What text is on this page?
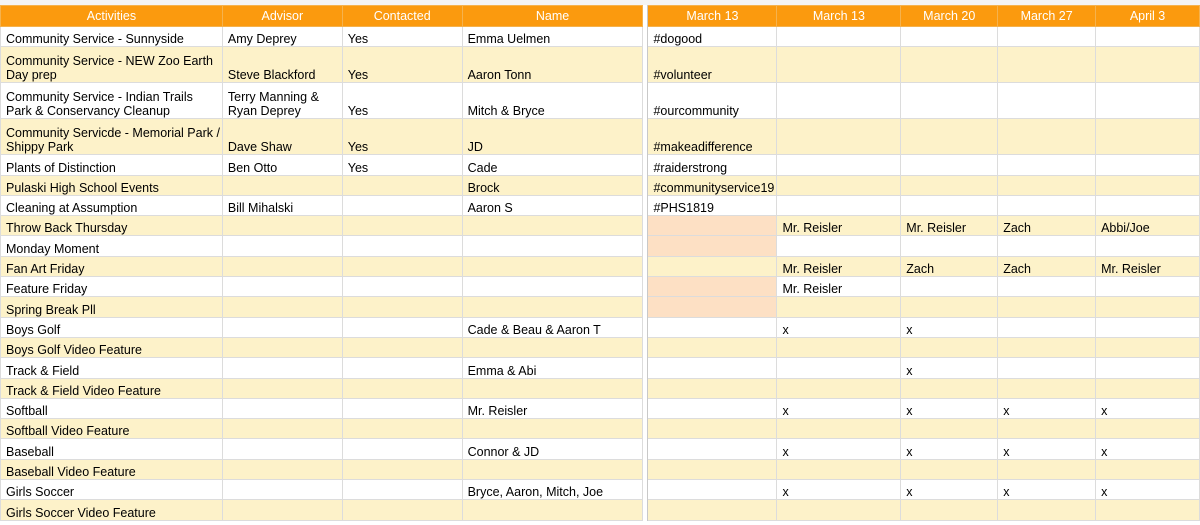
Activities	Advisor	Contacted	Name		March 13	March 13	March 20	March 27	April 3
Community Service - Sunnyside	Amy Deprey	Yes	Emma Uelmen		#dogood				
Community Service - NEW Zoo Earth Day prep	Steve Blackford	Yes	Aaron Tonn		#volunteer				
Community Service - Indian Trails Park & Conservancy Cleanup	Terry Manning & Ryan Deprey	Yes	Mitch & Bryce		#ourcommunity				
Community Servicde - Memorial Park / Shippy Park	Dave Shaw	Yes	JD		#makeadifference				
Plants of Distinction	Ben Otto	Yes	Cade		#raiderstrong				
Pulaski High School Events			Brock		#communityservice19				
Cleaning at Assumption	Bill Mihalski		Aaron S		#PHS1819				
Throw Back Thursday						Mr. Reisler	Mr. Reisler	Zach	Abbi/Joe
Monday Moment									
Fan Art Friday						Mr. Reisler	Zach	Zach	Mr. Reisler
Feature Friday						Mr. Reisler			
Spring Break Pll									
Boys Golf			Cade & Beau & Aaron T			x	x		
Boys Golf Video Feature									
Track & Field			Emma & Abi				x		
Track & Field Video Feature									
Softball			Mr. Reisler			x	x	x	x
Softball Video Feature									
Baseball			Connor & JD			x	x	x	x
Baseball Video Feature									
Girls Soccer			Bryce, Aaron, Mitch, Joe			x	x	x	x
Girls Soccer Video Feature									
